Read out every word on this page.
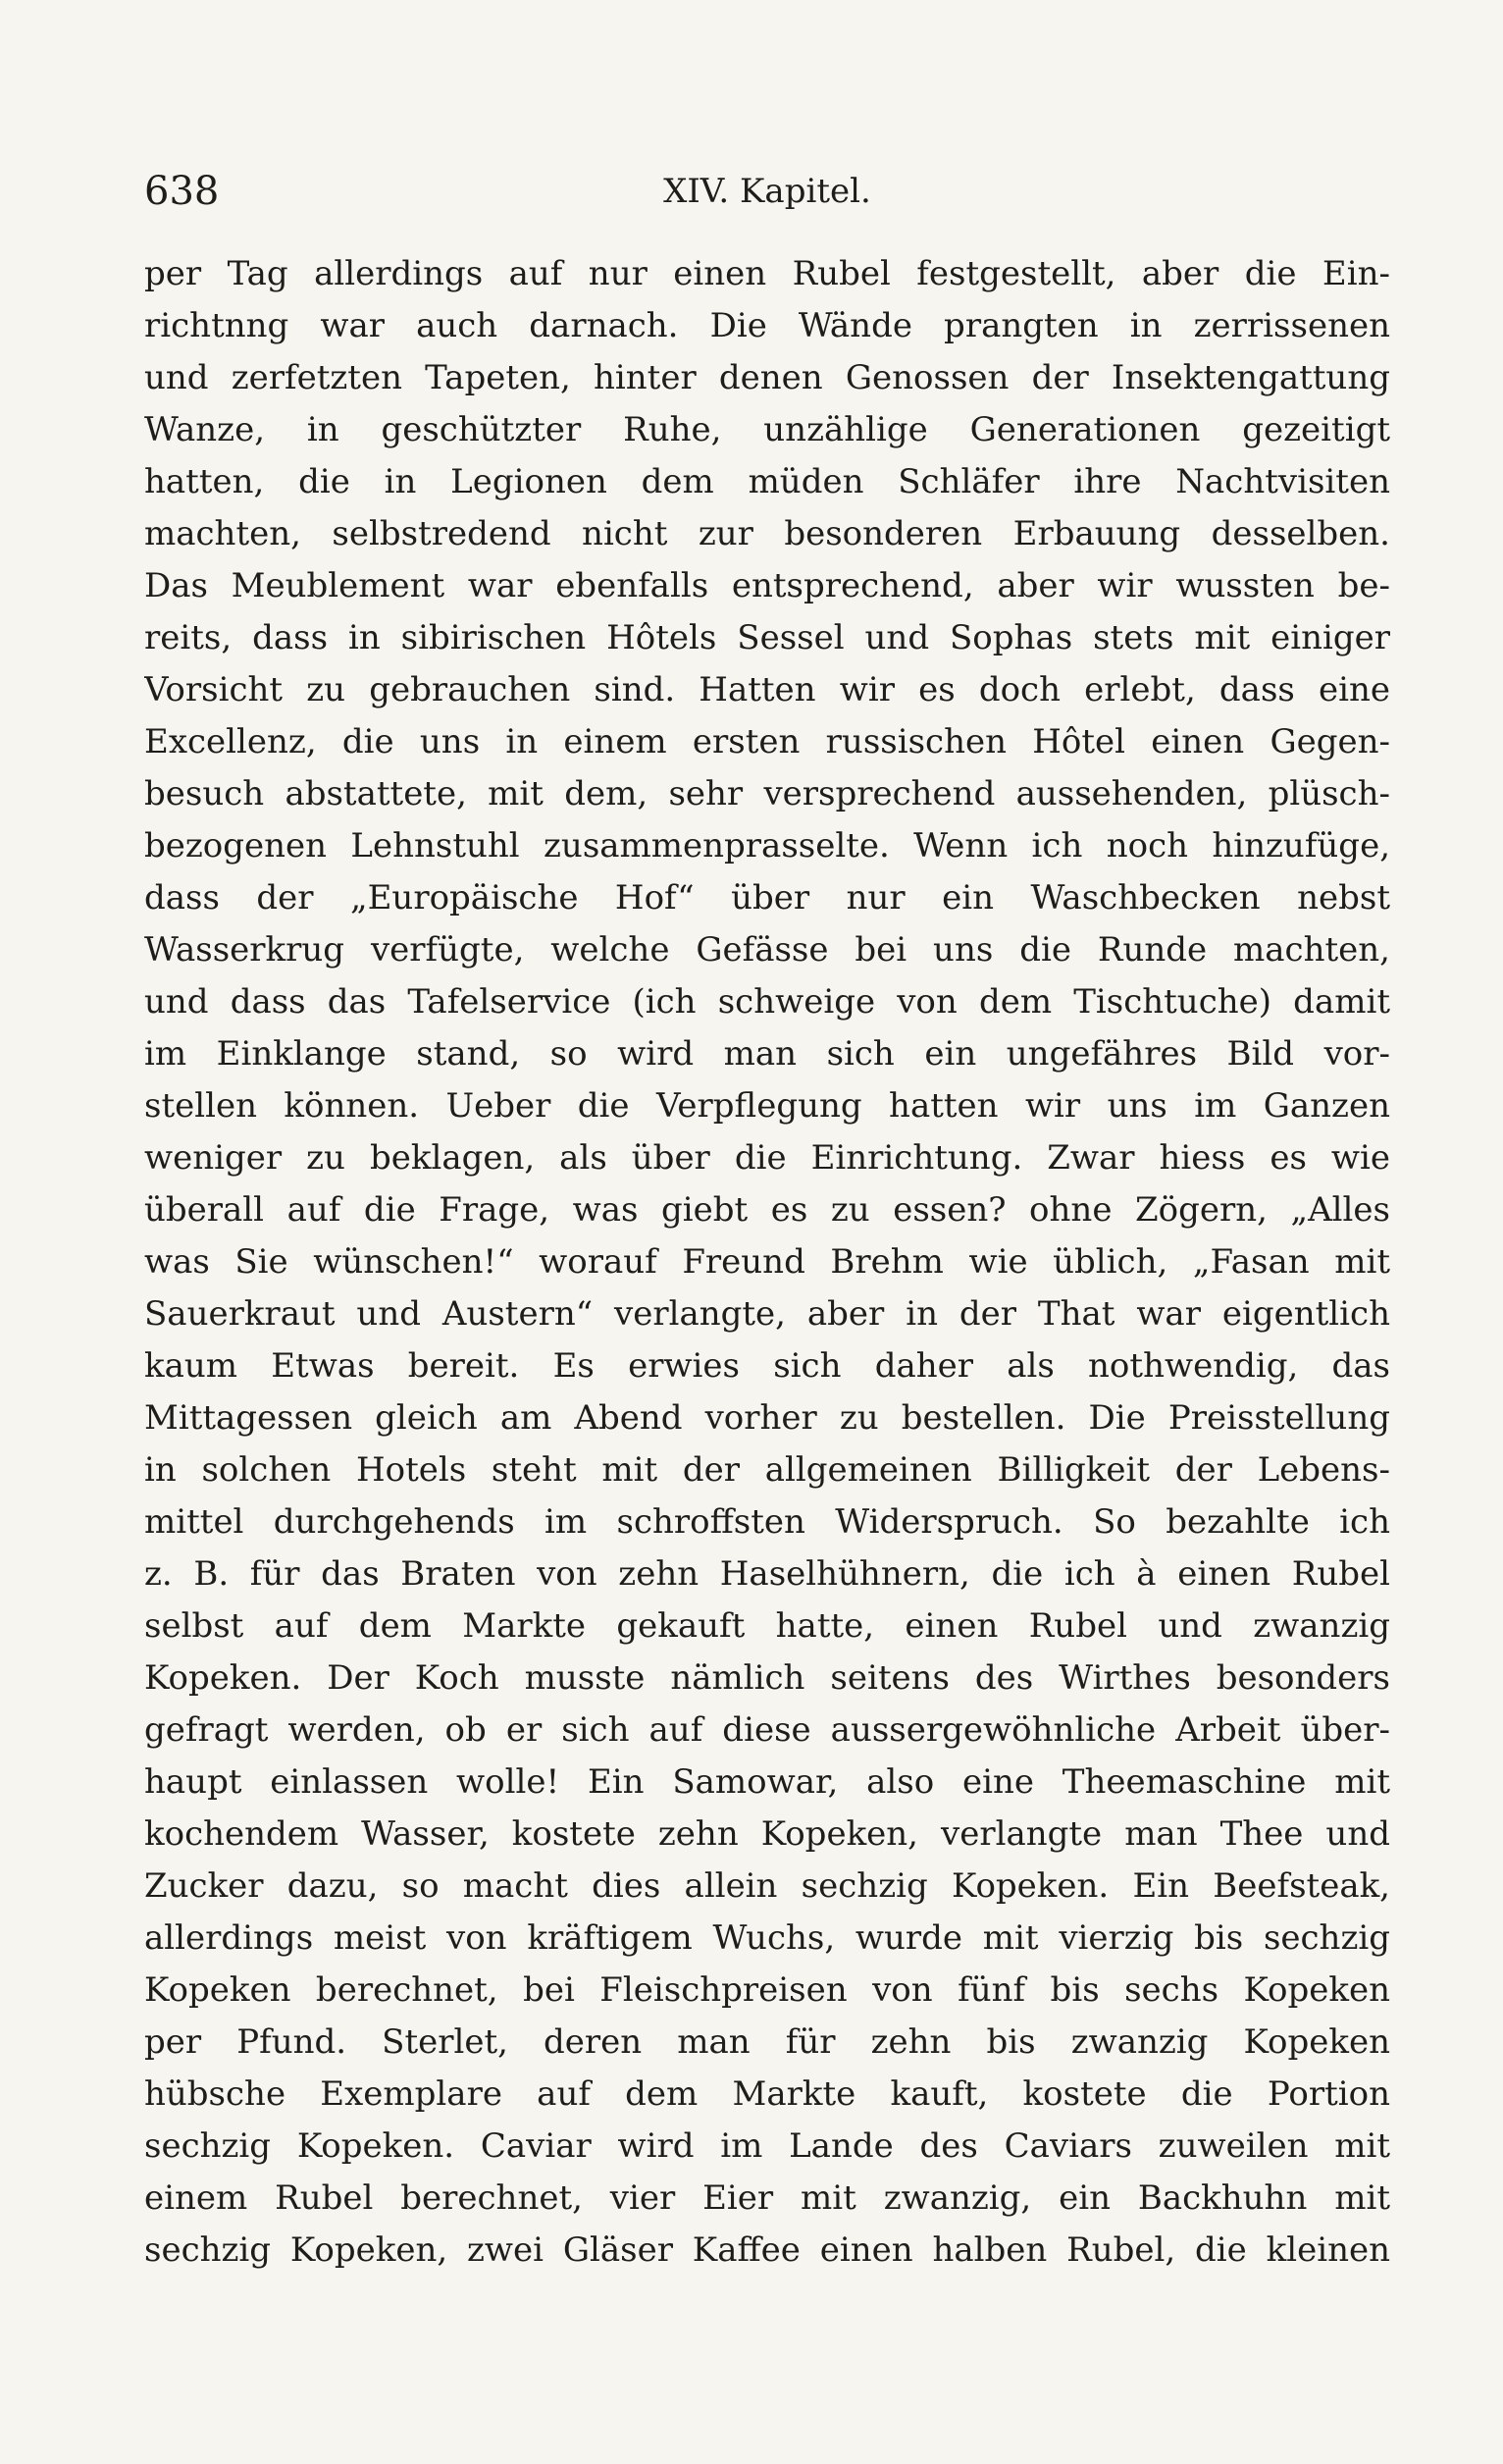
638	XIV. Kapitel.
per Tag allerdings auf nur einen Rubel festgestellt, aber die Ein-
richtnng war auch darnach. Die Wände prangten in zerrissenen
und zerfetzten Tapeten, hinter denen Genossen der Insektengattung
Wanze, in geschützter Ruhe, unzählige Generationen gezeitigt
hatten, die in Legionen dem müden Schläfer ihre Nachtvisiten
machten, selbstredend nicht zur besonderen Erbauung desselben.
Das Meublement war ebenfalls entsprechend, aber wir wussten be-
reits, dass in sibirischen Hôtels Sessel und Sophas stets mit einiger
Vorsicht zu gebrauchen sind. Hatten wir es doch erlebt, dass eine
Excellenz, die uns in einem ersten russischen Hôtel einen Gegen-
besuch abstattete, mit dem, sehr versprechend aussehenden, plüsch-
bezogenen Lehnstuhl zusammenprasselte. Wenn ich noch hinzufüge,
dass der „Europäische Hof“ über nur ein Waschbecken nebst
Wasserkrug verfügte, welche Gefässe bei uns die Runde machten,
und dass das Tafelservice (ich schweige von dem Tischtuche) damit
im Einklange stand, so wird man sich ein ungefähres Bild vor-
stellen können. Ueber die Verpflegung hatten wir uns im Ganzen
weniger zu beklagen, als über die Einrichtung. Zwar hiess es wie
überall auf die Frage, was giebt es zu essen? ohne Zögern, „Alles
was Sie wünschen!“ worauf Freund Brehm wie üblich, „Fasan mit
Sauerkraut und Austern“ verlangte, aber in der That war eigentlich
kaum Etwas bereit. Es erwies sich daher als nothwendig, das
Mittagessen gleich am Abend vorher zu bestellen. Die Preisstellung
in solchen Hotels steht mit der allgemeinen Billigkeit der Lebens-
mittel durchgehends im schroffsten Widerspruch. So bezahlte ich
z. B. für das Braten von zehn Haselhühnern, die ich à einen Rubel
selbst auf dem Markte gekauft hatte, einen Rubel und zwanzig
Kopeken. Der Koch musste nämlich seitens des Wirthes besonders
gefragt werden, ob er sich auf diese aussergewöhnliche Arbeit über-
haupt einlassen wolle! Ein Samowar, also eine Theemaschine mit
kochendem Wasser, kostete zehn Kopeken, verlangte man Thee und
Zucker dazu, so macht dies allein sechzig Kopeken. Ein Beefsteak,
allerdings meist von kräftigem Wuchs, wurde mit vierzig bis sechzig
Kopeken berechnet, bei Fleischpreisen von fünf bis sechs Kopeken
per Pfund. Sterlet, deren man für zehn bis zwanzig Kopeken
hübsche Exemplare auf dem Markte kauft, kostete die Portion
sechzig Kopeken. Caviar wird im Lande des Caviars zuweilen mit
einem Rubel berechnet, vier Eier mit zwanzig, ein Backhuhn mit
sechzig Kopeken, zwei Gläser Kaffee einen halben Rubel, die kleinen
